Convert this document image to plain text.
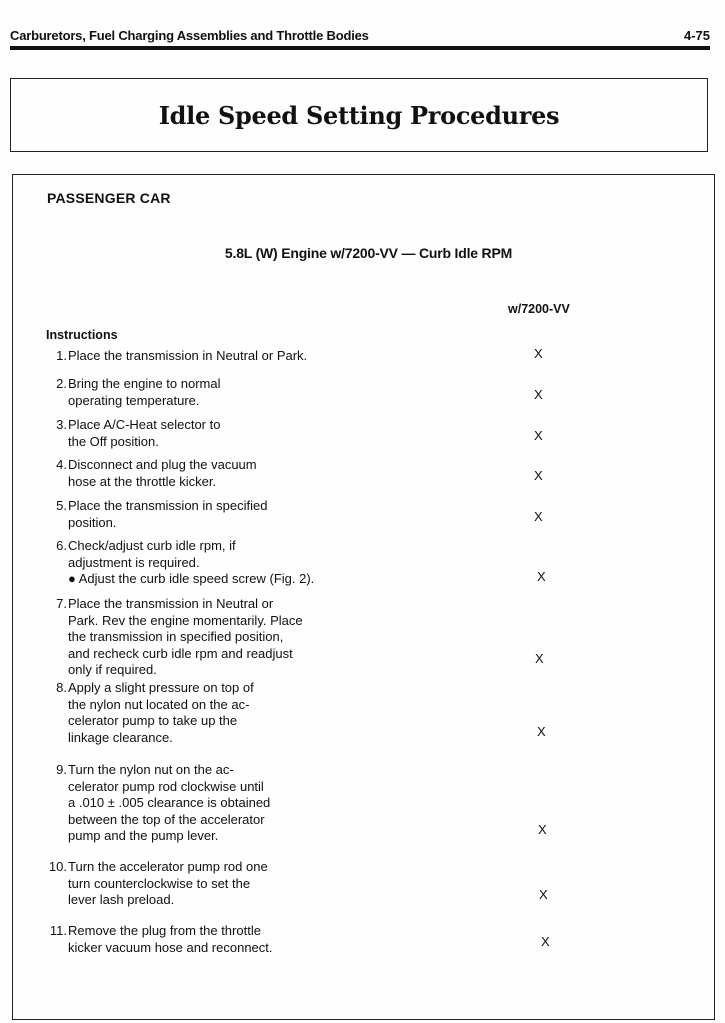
Carburetors, Fuel Charging Assemblies and Throttle Bodies	4-75
Idle Speed Setting Procedures
PASSENGER CAR
5.8L (W) Engine w/7200-VV — Curb Idle RPM
w/7200-VV
Instructions
1. Place the transmission in Neutral or Park.	X
2. Bring the engine to normal
operating temperature.	X
3. Place A/C-Heat selector to
the Off position.	X
4. Disconnect and plug the vacuum
hose at the throttle kicker.	X
5. Place the transmission in specified
position.	X
6. Check/adjust curb idle rpm, if
adjustment is required.
● Adjust the curb idle speed screw (Fig. 2).	X
7. Place the transmission in Neutral or
Park. Rev the engine momentarily. Place
the transmission in specified position,
and recheck curb idle rpm and readjust
only if required.
X
8. Apply a slight pressure on top of
the nylon nut located on the ac-
celerator pump to take up the
linkage clearance.	X
9. Turn the nylon nut on the ac-
celerator pump rod clockwise until
a .010 ± .005 clearance is obtained
between the top of the accelerator
pump and the pump lever.	X
10. Turn the accelerator pump rod one
turn counterclockwise to set the
lever lash preload.	X
11. Remove the plug from the throttle
kicker vacuum hose and reconnect.	X
